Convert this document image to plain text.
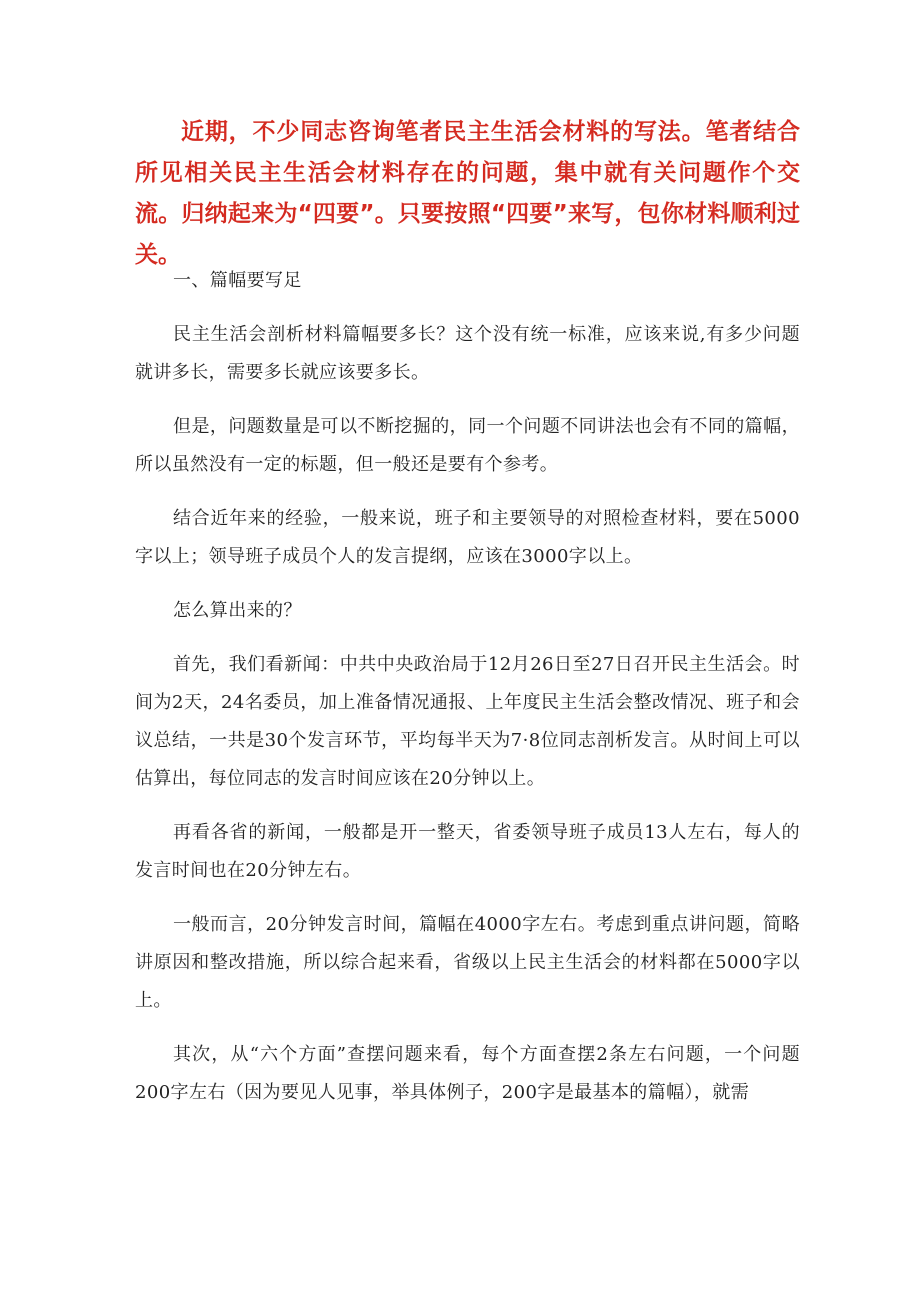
近期，不少同志咨询笔者民主生活会材料的写法。笔者结合所见相关民主生活会材料存在的问题，集中就有关问题作个交流。归纳起来为“四要”。只要按照“四要”来写，包你材料顺利过关。

一、篇幅要写足

民主生活会剖析材料篇幅要多长？这个没有统一标准，应该来说,有多少问题就讲多长，需要多长就应该要多长。

但是，问题数量是可以不断挖掘的，同一个问题不同讲法也会有不同的篇幅，所以虽然没有一定的标题，但一般还是要有个参考。

结合近年来的经验，一般来说，班子和主要领导的对照检查材料，要在5000字以上；领导班子成员个人的发言提纲，应该在3000字以上。

怎么算出来的？

首先，我们看新闻：中共中央政治局于12月26日至27日召开民主生活会。时间为2天，24名委员，加上准备情况通报、上年度民主生活会整改情况、班子和会议总结，一共是30个发言环节，平均每半天为7·8位同志剖析发言。从时间上可以估算出，每位同志的发言时间应该在20分钟以上。

再看各省的新闻，一般都是开一整天，省委领导班子成员13人左右，每人的发言时间也在20分钟左右。

一般而言，20分钟发言时间，篇幅在4000字左右。考虑到重点讲问题，简略讲原因和整改措施，所以综合起来看，省级以上民主生活会的材料都在5000字以上。

其次，从“六个方面”查摆问题来看，每个方面查摆2条左右问题，一个问题200字左右（因为要见人见事，举具体例子，200字是最基本的篇幅），就需
